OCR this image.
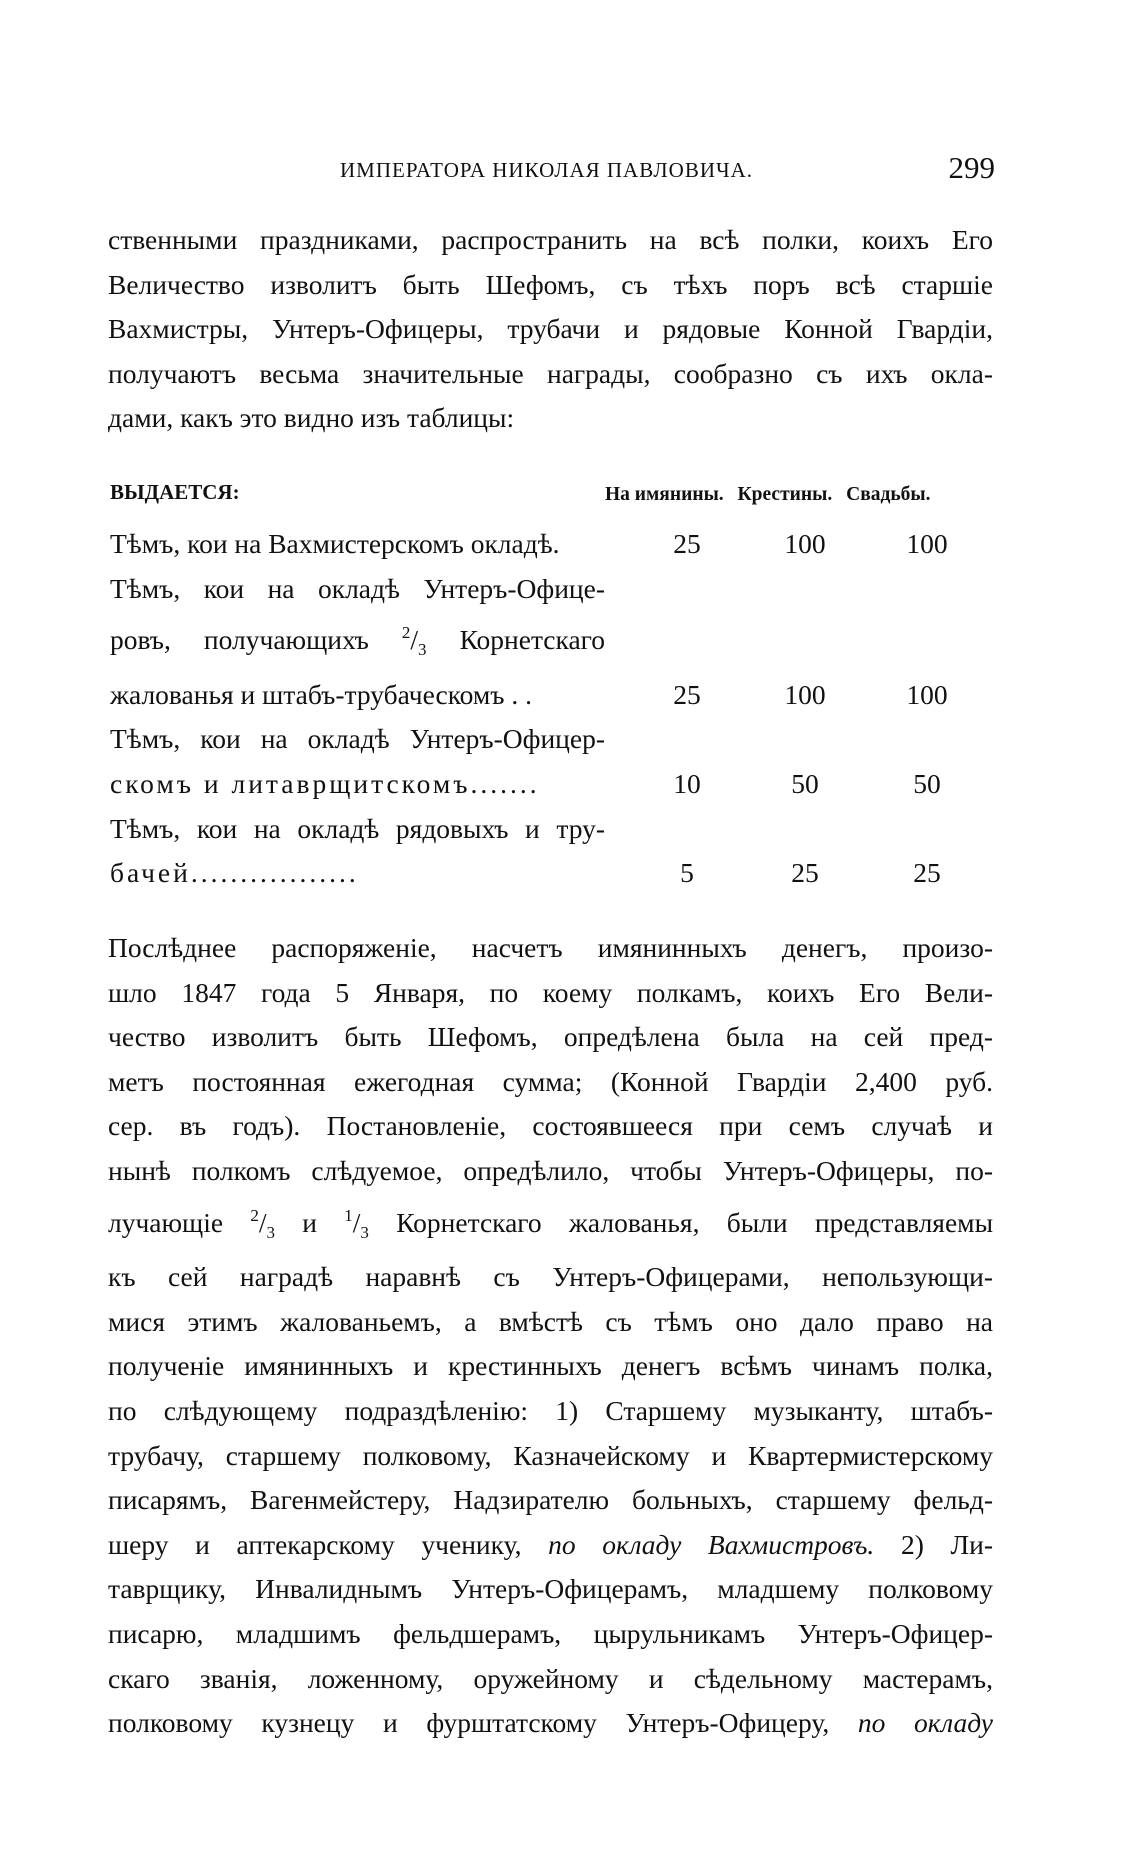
ИМПЕРАТОРА НИКОЛАЯ ПАВЛОВИЧА.	299
ственными праздниками, распространить на всѣ полки, коихъ Его
Величество изволитъ быть Шефомъ, съ тѣхъ поръ всѣ старшіе
Вахмистры, Унтеръ-Офицеры, трубачи и рядовые Конной Гвардіи,
получаютъ весьма значительные награды, сообразно съ ихъ окла-
дами, какъ это видно изъ таблицы:
ВЫДАЕТСЯ:	На имянины. Крестины. Свадьбы.
Тѣмъ, кои на Вахмистерскомъ окладѣ.	25	100	100
Тѣмъ, кои на окладѣ Унтеръ-Офице-
ровъ, получающихъ $^2/_3$ Корнетскаго
жалованья и штабъ-трубаческомъ . .	25	100	100
Тѣмъ, кои на окладѣ Унтеръ-Офицер-
скомъ и литаврщитскомъ.......	10	50	50
Тѣмъ, кои на окладѣ рядовыхъ и тру-
бачей.................	5	25	25
Послѣднее распоряженіе, насчетъ имянинныхъ денегъ, произо-
шло 1847 года 5 Января, по коему полкамъ, коихъ Его Вели-
чество изволитъ быть Шефомъ, опредѣлена была на сей пред-
метъ постоянная ежегодная сумма; (Конной Гвардіи 2,400 руб.
сер. въ годъ). Постановленіе, состоявшееся при семъ случаѣ и
нынѣ полкомъ слѣдуемое, опредѣлило, чтобы Унтеръ-Офицеры, по-
лучающіе $^2/_3$ и $^1/_3$ Корнетскаго жалованья, были представляемы
къ сей наградѣ наравнѣ съ Унтеръ-Офицерами, непользующи-
мися этимъ жалованьемъ, а вмѣстѣ съ тѣмъ оно дало право на
полученіе имянинныхъ и крестинныхъ денегъ всѣмъ чинамъ полка,
по слѣдующему подраздѣленію: 1) Старшему музыканту, штабъ-
трубачу, старшему полковому, Казначейскому и Квартермистерскому
писарямъ, Вагенмейстеру, Надзирателю больныхъ, старшему фельд-
шеру и аптекарскому ученику, по окладу Вахмистровъ. 2) Ли-
таврщику, Инвалиднымъ Унтеръ-Офицерамъ, младшему полковому
писарю, младшимъ фельдшерамъ, цырульникамъ Унтеръ-Офицер-
скаго званія, ложенному, оружейному и сѣдельному мастерамъ,
полковому кузнецу и фурштатскому Унтеръ-Офицеру, по окладу
